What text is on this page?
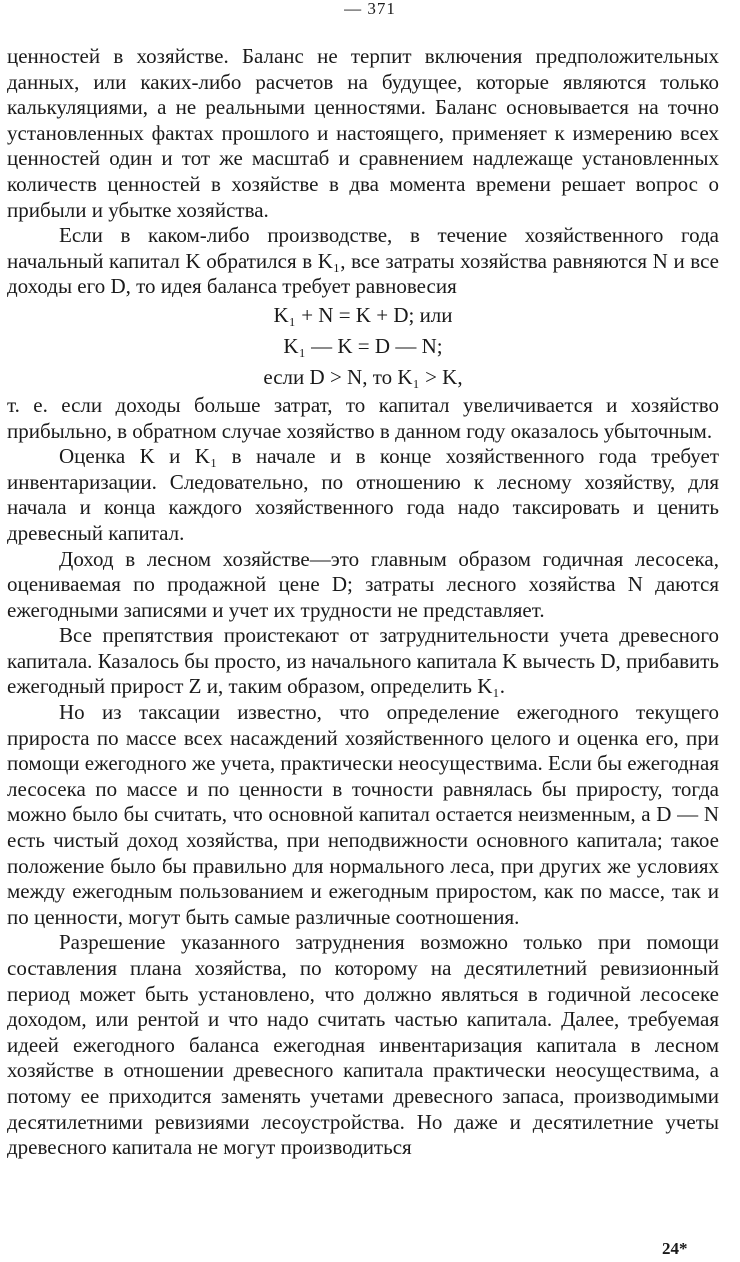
— 371

ценностей в хозяйстве. Баланс не терпит включения предположительных данных, или каких-либо расчетов на будущее, которые являются только калькуляциями, а не реальными ценностями. Баланс основывается на точно установленных фактах прошлого и настоящего, применяет к измерению всех ценностей один и тот же масштаб и сравнением надлежаще установленных количеств ценностей в хозяйстве в два момента времени решает вопрос о прибыли и убытке хозяйства.

Если в каком-либо производстве, в течение хозяйственного года начальный капитал K обратился в K₁, все затраты хозяйства равняются N и все доходы его D, то идея баланса требует равновесия

K₁ + N = K + D; или

K₁ — K = D — N;

если D > N, то K₁ > K,

т. е. если доходы больше затрат, то капитал увеличивается и хозяйство прибыльно, в обратном случае хозяйство в данном году оказалось убыточным.

Оценка K и K₁ в начале и в конце хозяйственного года требует инвентаризации. Следовательно, по отношению к лесному хозяйству, для начала и конца каждого хозяйственного года надо таксировать и ценить древесный капитал.

Доход в лесном хозяйстве—это главным образом годичная лесосека, оцениваемая по продажной цене D; затраты лесного хозяйства N даются ежегодными записями и учет их трудности не представляет.

Все препятствия проистекают от затруднительности учета древесного капитала. Казалось бы просто, из начального капитала K вычесть D, прибавить ежегодный прирост Z и, таким образом, определить K₁.

Но из таксации известно, что определение ежегодного текущего прироста по массе всех насаждений хозяйственного целого и оценка его, при помощи ежегодного же учета, практически неосуществима. Если бы ежегодная лесосека по массе и по ценности в точности равнялась бы приросту, тогда можно было бы считать, что основной капитал остается неизменным, а D — N есть чистый доход хозяйства, при неподвижности основного капитала; такое положение было бы правильно для нормального леса, при других же условиях между ежегодным пользованием и ежегодным приростом, как по массе, так и по ценности, могут быть самые различные соотношения.

Разрешение указанного затруднения возможно только при помощи составления плана хозяйства, по которому на десятилетний ревизионный период может быть установлено, что должно являться в годичной лесосеке доходом, или рентой и что надо считать частью капитала. Далее, требуемая идеей ежегодного баланса ежегодная инвентаризация капитала в лесном хозяйстве в отношении древесного капитала практически неосуществима, а потому ее приходится заменять учетами древесного запаса, производимыми десятилетними ревизиями лесоустройства. Но даже и десятилетние учеты древесного капитала не могут производиться

24*
